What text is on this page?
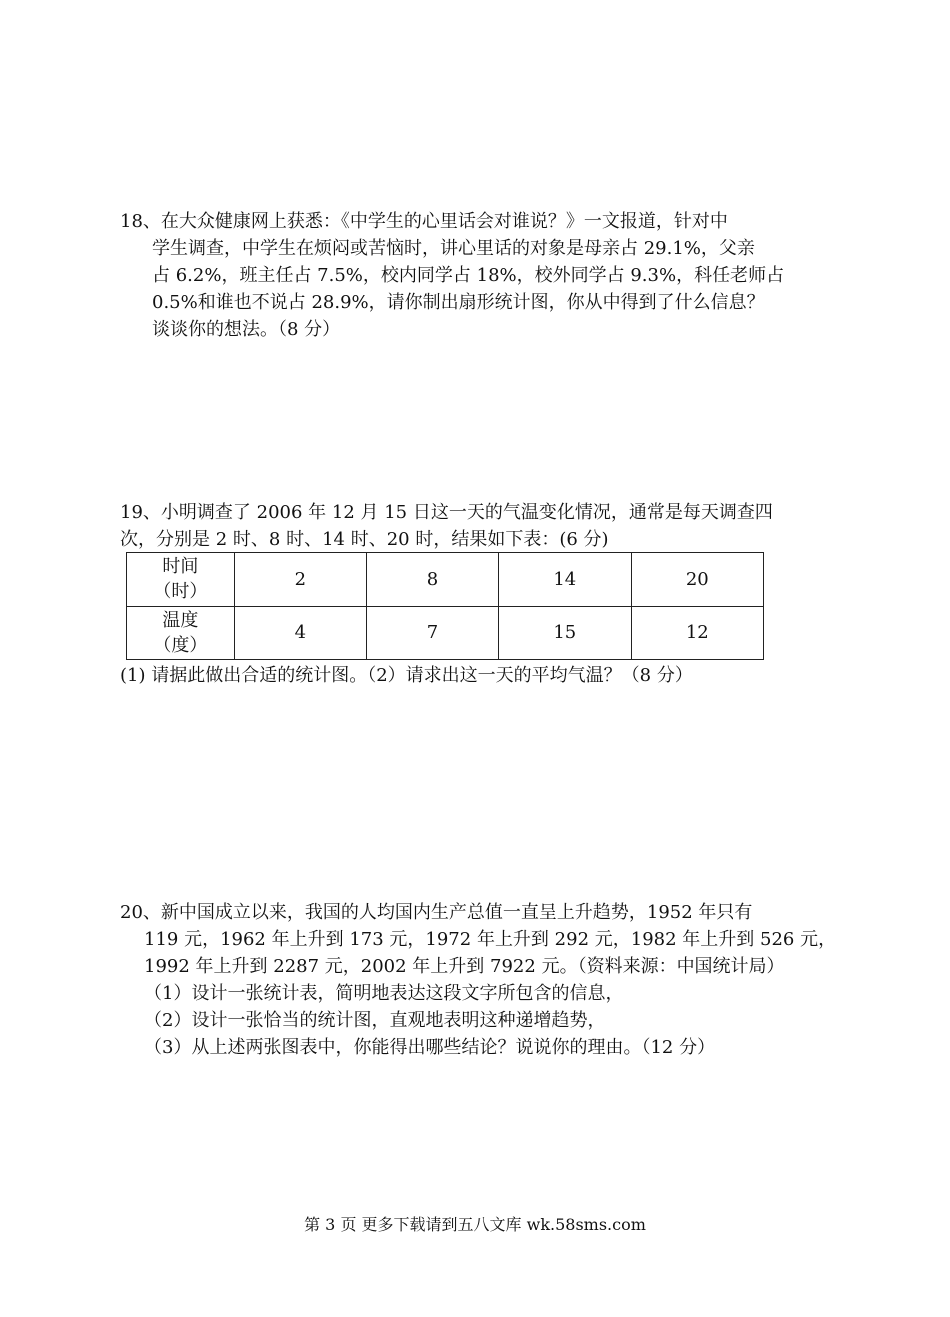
18、在大众健康网上获悉：《中学生的心里话会对谁说？》一文报道，针对中
学生调查，中学生在烦闷或苦恼时，讲心里话的对象是母亲占 29.1%，父亲
占 6.2%，班主任占 7.5%，校内同学占 18%，校外同学占 9.3%，科任老师占
0.5%和谁也不说占 28.9%，请你制出扇形统计图，你从中得到了什么信息？
谈谈你的想法。（8 分）
19、小明调查了 2006 年 12 月 15 日这一天的气温变化情况，通常是每天调查四
次，分别是 2 时、8 时、14 时、20 时，结果如下表：(6 分)
时间
（时）	2	8	14	20

温度
（度）	4	7	15	12
(1) 请据此做出合适的统计图。（2）请求出这一天的平均气温？（8 分）
20、新中国成立以来，我国的人均国内生产总值一直呈上升趋势，1952 年只有
119 元，1962 年上升到 173 元，1972 年上升到 292 元，1982 年上升到 526 元，
1992 年上升到 2287 元，2002 年上升到 7922 元。（资料来源：中国统计局）
（1）设计一张统计表，简明地表达这段文字所包含的信息，
（2）设计一张恰当的统计图，直观地表明这种递增趋势，
（3）从上述两张图表中，你能得出哪些结论？说说你的理由。（12 分）
第 3 页 更多下载请到五八文库 wk.58sms.com
